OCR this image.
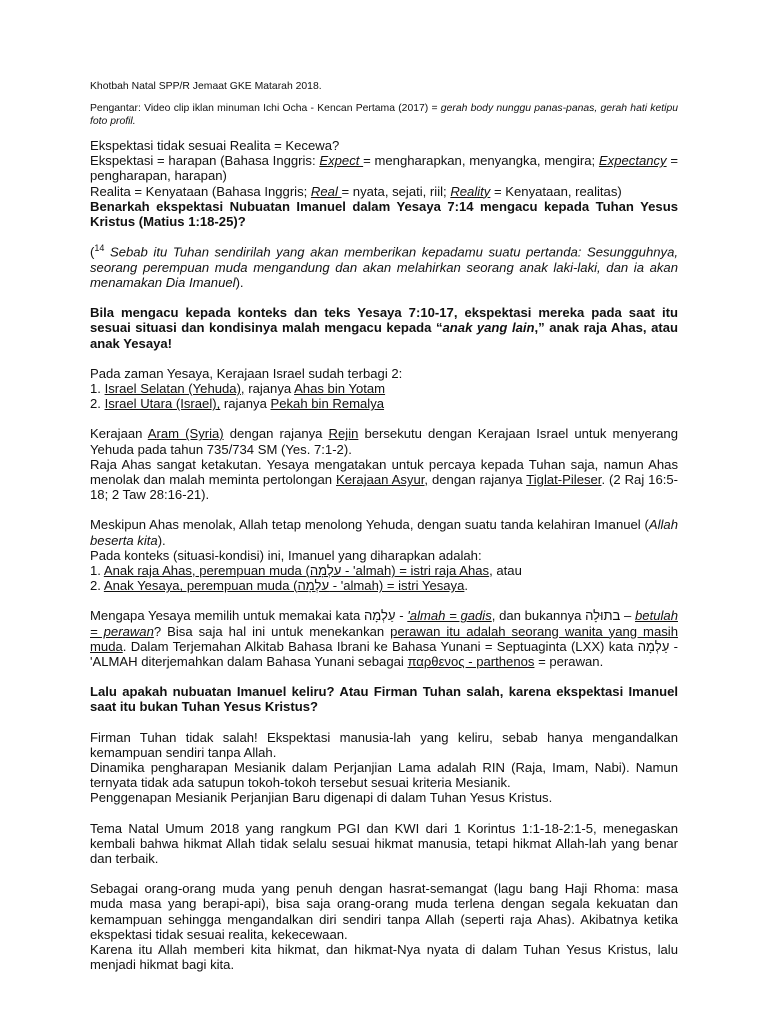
Khotbah Natal SPP/R Jemaat GKE Matarah 2018.

Pengantar: Video clip iklan minuman Ichi Ocha - Kencan Pertama (2017) = gerah body nunggu panas-panas, gerah hati ketipu foto profil.

Ekspektasi tidak sesuai Realita = Kecewa?

Ekspektasi = harapan (Bahasa Inggris: Expect = mengharapkan, menyangka, mengira; Expectancy = pengharapan, harapan)

Realita = Kenyataan (Bahasa Inggris; Real = nyata, sejati, riil; Reality = Kenyataan, realitas)

Benarkah ekspektasi Nubuatan Imanuel dalam Yesaya 7:14 mengacu kepada Tuhan Yesus Kristus (Matius 1:18-25)?

($^{14}$ Sebab itu Tuhan sendirilah yang akan memberikan kepadamu suatu pertanda: Sesungguhnya, seorang perempuan muda mengandung dan akan melahirkan seorang anak laki-laki, dan ia akan menamakan Dia Imanuel).

Bila mengacu kepada konteks dan teks Yesaya 7:10-17, ekspektasi mereka pada saat itu sesuai situasi dan kondisinya malah mengacu kepada “anak yang lain,” anak raja Ahas, atau anak Yesaya!

Pada zaman Yesaya, Kerajaan Israel sudah terbagi 2:

1. Israel Selatan (Yehuda), rajanya Ahas bin Yotam

2. Israel Utara (Israel), rajanya Pekah bin Remalya

Kerajaan Aram (Syria) dengan rajanya Rejin bersekutu dengan Kerajaan Israel untuk menyerang Yehuda pada tahun 735/734 SM (Yes. 7:1-2).

Raja Ahas sangat ketakutan. Yesaya mengatakan untuk percaya kepada Tuhan saja, namun Ahas menolak dan malah meminta pertolongan Kerajaan Asyur, dengan rajanya Tiglat-Pileser. (2 Raj 16:5-18; 2 Taw 28:16-21).

Meskipun Ahas menolak, Allah tetap menolong Yehuda, dengan suatu tanda kelahiran Imanuel (Allah beserta kita).

Pada konteks (situasi-kondisi) ini, Imanuel yang diharapkan adalah:

1. Anak raja Ahas, perempuan muda (עַלְמָה - 'almah) = istri raja Ahas, atau

2. Anak Yesaya, perempuan muda (עַלְמָה - 'almah) = istri Yesaya.

Mengapa Yesaya memilih untuk memakai kata עַלְמָה - 'almah = gadis, dan bukannya בתוּלָה – betulah = perawan? Bisa saja hal ini untuk menekankan perawan itu adalah seorang wanita yang masih muda. Dalam Terjemahan Alkitab Bahasa Ibrani ke Bahasa Yunani = Septuaginta (LXX) kata עַלְמָה - 'ALMAH diterjemahkan dalam Bahasa Yunani sebagai παρθενος - parthenos = perawan.

Lalu apakah nubuatan Imanuel keliru? Atau Firman Tuhan salah, karena ekspektasi Imanuel saat itu bukan Tuhan Yesus Kristus?

Firman Tuhan tidak salah! Ekspektasi manusia-lah yang keliru, sebab hanya mengandalkan kemampuan sendiri tanpa Allah.

Dinamika pengharapan Mesianik dalam Perjanjian Lama adalah RIN (Raja, Imam, Nabi). Namun ternyata tidak ada satupun tokoh-tokoh tersebut sesuai kriteria Mesianik.

Penggenapan Mesianik Perjanjian Baru digenapi di dalam Tuhan Yesus Kristus.

Tema Natal Umum 2018 yang rangkum PGI dan KWI dari 1 Korintus 1:1-18-2:1-5, menegaskan kembali bahwa hikmat Allah tidak selalu sesuai hikmat manusia, tetapi hikmat Allah-lah yang benar dan terbaik.

Sebagai orang-orang muda yang penuh dengan hasrat-semangat (lagu bang Haji Rhoma: masa muda masa yang berapi-api), bisa saja orang-orang muda terlena dengan segala kekuatan dan kemampuan sehingga mengandalkan diri sendiri tanpa Allah (seperti raja Ahas). Akibatnya ketika ekspektasi tidak sesuai realita, kekecewaan.

Karena itu Allah memberi kita hikmat, dan hikmat-Nya nyata di dalam Tuhan Yesus Kristus, lalu menjadi hikmat bagi kita.
